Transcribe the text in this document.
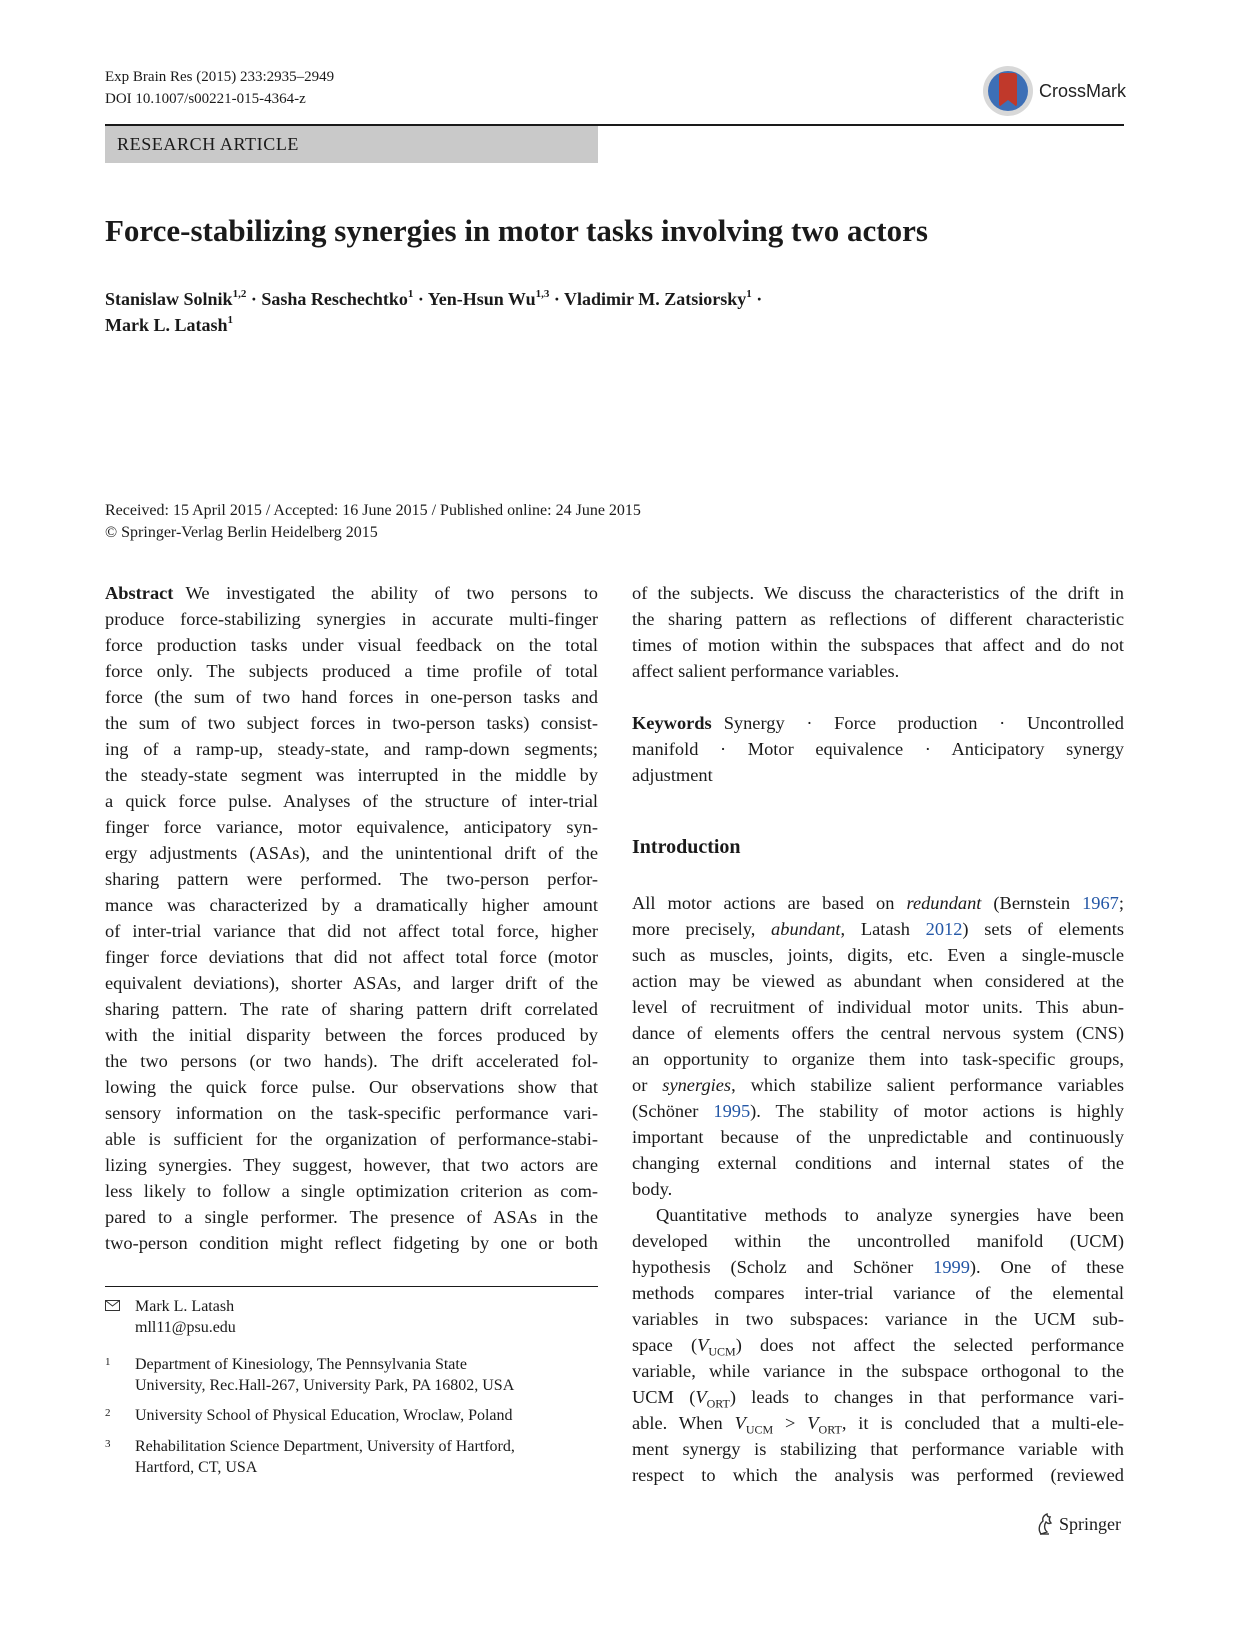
Exp Brain Res (2015) 233:2935–2949
DOI 10.1007/s00221-015-4364-z	CrossMark
RESEARCH ARTICLE
Force-stabilizing synergies in motor tasks involving two actors
Stanislaw Solnik$^{1,2}$ · Sasha Reschechtko$^1$ · Yen-Hsun Wu$^{1,3}$ · Vladimir M. Zatsiorsky$^1$ ·
Mark L. Latash$^1$
Received: 15 April 2015 / Accepted: 16 June 2015 / Published online: 24 June 2015
© Springer-Verlag Berlin Heidelberg 2015
Abstract We investigated the ability of two persons to
produce force-stabilizing synergies in accurate multi-finger
force production tasks under visual feedback on the total
force only. The subjects produced a time profile of total
force (the sum of two hand forces in one-person tasks and
the sum of two subject forces in two-person tasks) consist-
ing of a ramp-up, steady-state, and ramp-down segments;
the steady-state segment was interrupted in the middle by
a quick force pulse. Analyses of the structure of inter-trial
finger force variance, motor equivalence, anticipatory syn-
ergy adjustments (ASAs), and the unintentional drift of the
sharing pattern were performed. The two-person perfor-
mance was characterized by a dramatically higher amount
of inter-trial variance that did not affect total force, higher
finger force deviations that did not affect total force (motor
equivalent deviations), shorter ASAs, and larger drift of the
sharing pattern. The rate of sharing pattern drift correlated
with the initial disparity between the forces produced by
the two persons (or two hands). The drift accelerated fol-
lowing the quick force pulse. Our observations show that
sensory information on the task-specific performance vari-
able is sufficient for the organization of performance-stabi-
lizing synergies. They suggest, however, that two actors are
less likely to follow a single optimization criterion as com-
pared to a single performer. The presence of ASAs in the
two-person condition might reflect fidgeting by one or both
of the subjects. We discuss the characteristics of the drift in
the sharing pattern as reflections of different characteristic
times of motion within the subspaces that affect and do not
affect salient performance variables.
Keywords Synergy · Force production · Uncontrolled
manifold · Motor equivalence · Anticipatory synergy
adjustment
Introduction
All motor actions are based on redundant (Bernstein 1967;
more precisely, abundant, Latash 2012) sets of elements
such as muscles, joints, digits, etc. Even a single-muscle
action may be viewed as abundant when considered at the
level of recruitment of individual motor units. This abun-
dance of elements offers the central nervous system (CNS)
an opportunity to organize them into task-specific groups,
or synergies, which stabilize salient performance variables
(Schöner 1995). The stability of motor actions is highly
important because of the unpredictable and continuously
changing external conditions and internal states of the
body.
Quantitative methods to analyze synergies have been
developed within the uncontrolled manifold (UCM)
hypothesis (Scholz and Schöner 1999). One of these
methods compares inter-trial variance of the elemental
variables in two subspaces: variance in the UCM sub-
space $(V_{UCM})$ does not affect the selected performance
variable, while variance in the subspace orthogonal to the
UCM $(V_{ORT})$ leads to changes in that performance vari-
able. When $V_{UCM} > V_{ORT}$, it is concluded that a multi-ele-
ment synergy is stabilizing that performance variable with
respect to which the analysis was performed (reviewed
Mark L. Latash
mll11@psu.edu
1 Department of Kinesiology, The Pennsylvania State
University, Rec.Hall-267, University Park, PA 16802, USA
2 University School of Physical Education, Wroclaw, Poland
3 Rehabilitation Science Department, University of Hartford,
Hartford, CT, USA
Springer
